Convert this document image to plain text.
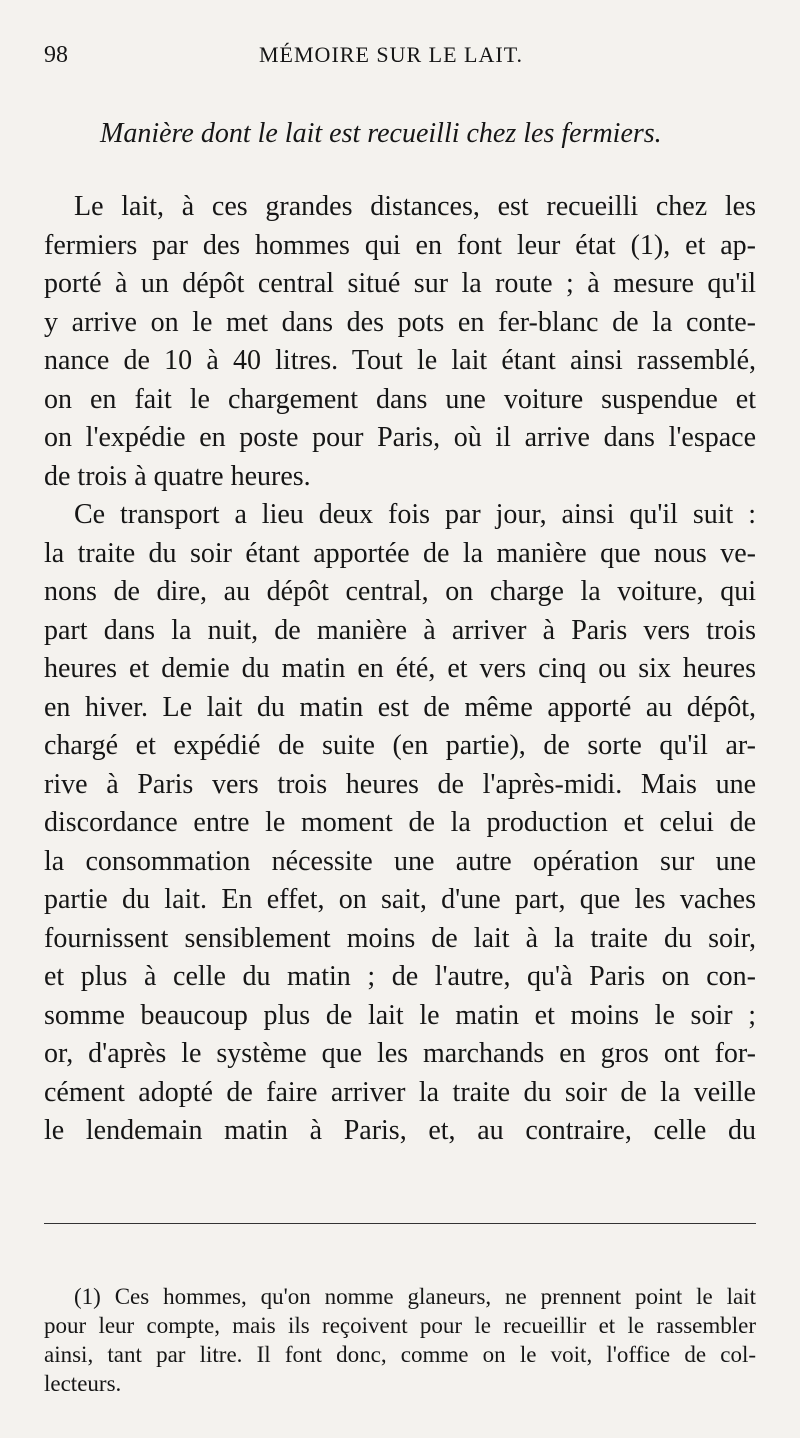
98	MÉMOIRE SUR LE LAIT.
Manière dont le lait est recueilli chez les fermiers.
Le lait, à ces grandes distances, est recueilli chez les
fermiers par des hommes qui en font leur état (1), et ap-
porté à un dépôt central situé sur la route ; à mesure qu'il
y arrive on le met dans des pots en fer-blanc de la conte-
nance de 10 à 40 litres. Tout le lait étant ainsi rassemblé,
on en fait le chargement dans une voiture suspendue et
on l'expédie en poste pour Paris, où il arrive dans l'espace
de trois à quatre heures.
Ce transport a lieu deux fois par jour, ainsi qu'il suit :
la traite du soir étant apportée de la manière que nous ve-
nons de dire, au dépôt central, on charge la voiture, qui
part dans la nuit, de manière à arriver à Paris vers trois
heures et demie du matin en été, et vers cinq ou six heures
en hiver. Le lait du matin est de même apporté au dépôt,
chargé et expédié de suite (en partie), de sorte qu'il ar-
rive à Paris vers trois heures de l'après-midi. Mais une
discordance entre le moment de la production et celui de
la consommation nécessite une autre opération sur une
partie du lait. En effet, on sait, d'une part, que les vaches
fournissent sensiblement moins de lait à la traite du soir,
et plus à celle du matin ; de l'autre, qu'à Paris on con-
somme beaucoup plus de lait le matin et moins le soir ;
or, d'après le système que les marchands en gros ont for-
cément adopté de faire arriver la traite du soir de la veille
le lendemain matin à Paris, et, au contraire, celle du
(1) Ces hommes, qu'on nomme glaneurs, ne prennent point le lait
pour leur compte, mais ils reçoivent pour le recueillir et le rassembler
ainsi, tant par litre. Il font donc, comme on le voit, l'office de col-
lecteurs.
